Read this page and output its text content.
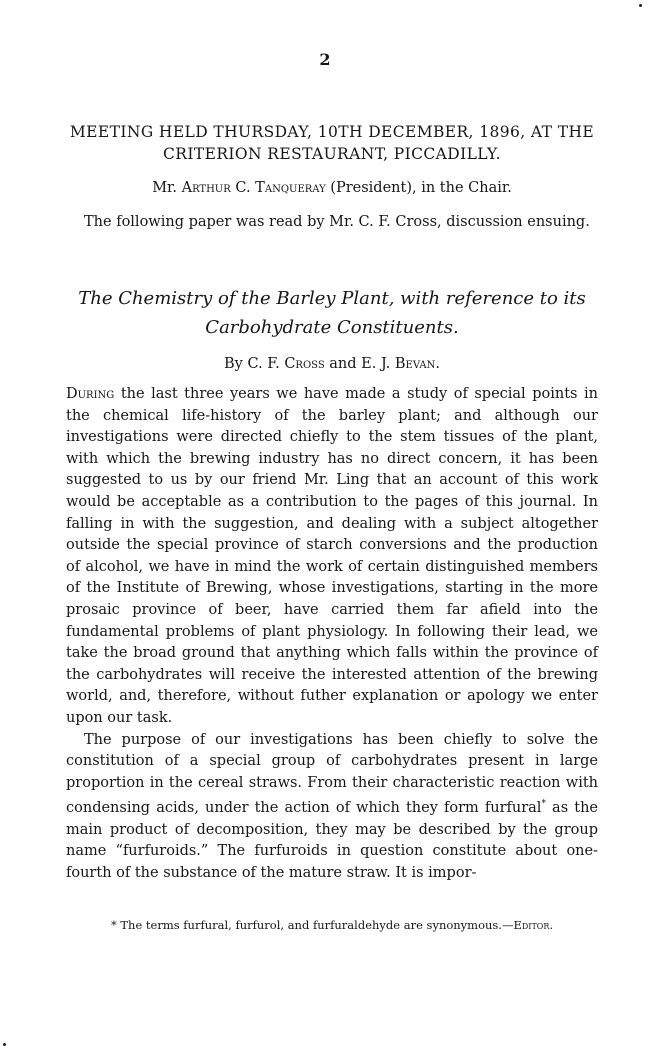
2
MEETING HELD THURSDAY, 10TH DECEMBER, 1896, AT THE CRITERION RESTAURANT, PICCADILLY.
Mr. Arthur C. Tanqueray (President), in the Chair.
The following paper was read by Mr. C. F. Cross, discussion ensuing.
The Chemistry of the Barley Plant, with reference to its Carbohydrate Constituents.
By C. F. Cross and E. J. Bevan.

During the last three years we have made a study of special points in the chemical life-history of the barley plant; and although our investigations were directed chiefly to the stem tissues of the plant, with which the brewing industry has no direct concern, it has been suggested to us by our friend Mr. Ling that an account of this work would be acceptable as a contribution to the pages of this journal. In falling in with the suggestion, and dealing with a subject altogether outside the special province of starch conversions and the production of alcohol, we have in mind the work of certain distinguished members of the Institute of Brewing, whose investigations, starting in the more prosaic province of beer, have carried them far afield into the fundamental problems of plant physiology. In following their lead, we take the broad ground that anything which falls within the province of the carbohydrates will receive the interested attention of the brewing world, and, therefore, without futher explanation or apology we enter upon our task.

The purpose of our investigations has been chiefly to solve the constitution of a special group of carbohydrates present in large proportion in the cereal straws. From their characteristic reaction with condensing acids, under the action of which they form furfural* as the main product of decomposition, they may be described by the group name “furfuroids.” The furfuroids in question constitute about one-fourth of the substance of the mature straw. It is impor-

* The terms furfural, furfurol, and furfuraldehyde are synonymous.—Editor.
